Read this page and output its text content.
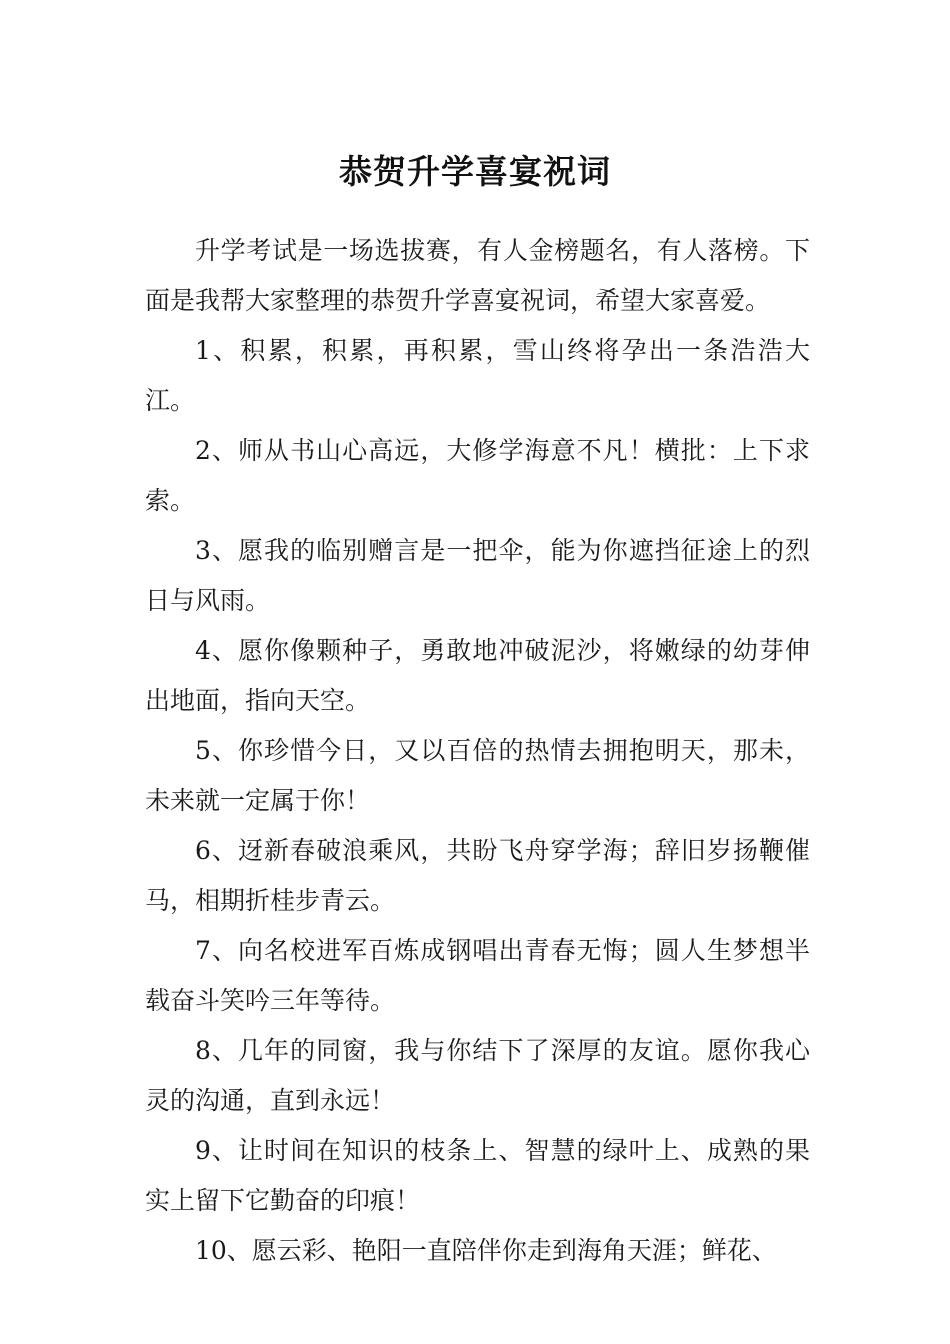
恭贺升学喜宴祝词

升学考试是一场选拔赛，有人金榜题名，有人落榜。下面是我帮大家整理的恭贺升学喜宴祝词，希望大家喜爱。

1、积累，积累，再积累，雪山终将孕出一条浩浩大江。

2、师从书山心高远，大修学海意不凡！横批：上下求索。

3、愿我的临别赠言是一把伞，能为你遮挡征途上的烈日与风雨。

4、愿你像颗种子，勇敢地冲破泥沙，将嫩绿的幼芽伸出地面，指向天空。

5、你珍惜今日，又以百倍的热情去拥抱明天，那未，未来就一定属于你！

6、迓新春破浪乘风，共盼飞舟穿学海；辞旧岁扬鞭催马，相期折桂步青云。

7、向名校进军百炼成钢唱出青春无悔；圆人生梦想半载奋斗笑吟三年等待。

8、几年的同窗，我与你结下了深厚的友谊。愿你我心灵的沟通，直到永远！

9、让时间在知识的枝条上、智慧的绿叶上、成熟的果实上留下它勤奋的印痕！

10、愿云彩、艳阳一直陪伴你走到海角天涯；鲜花、
